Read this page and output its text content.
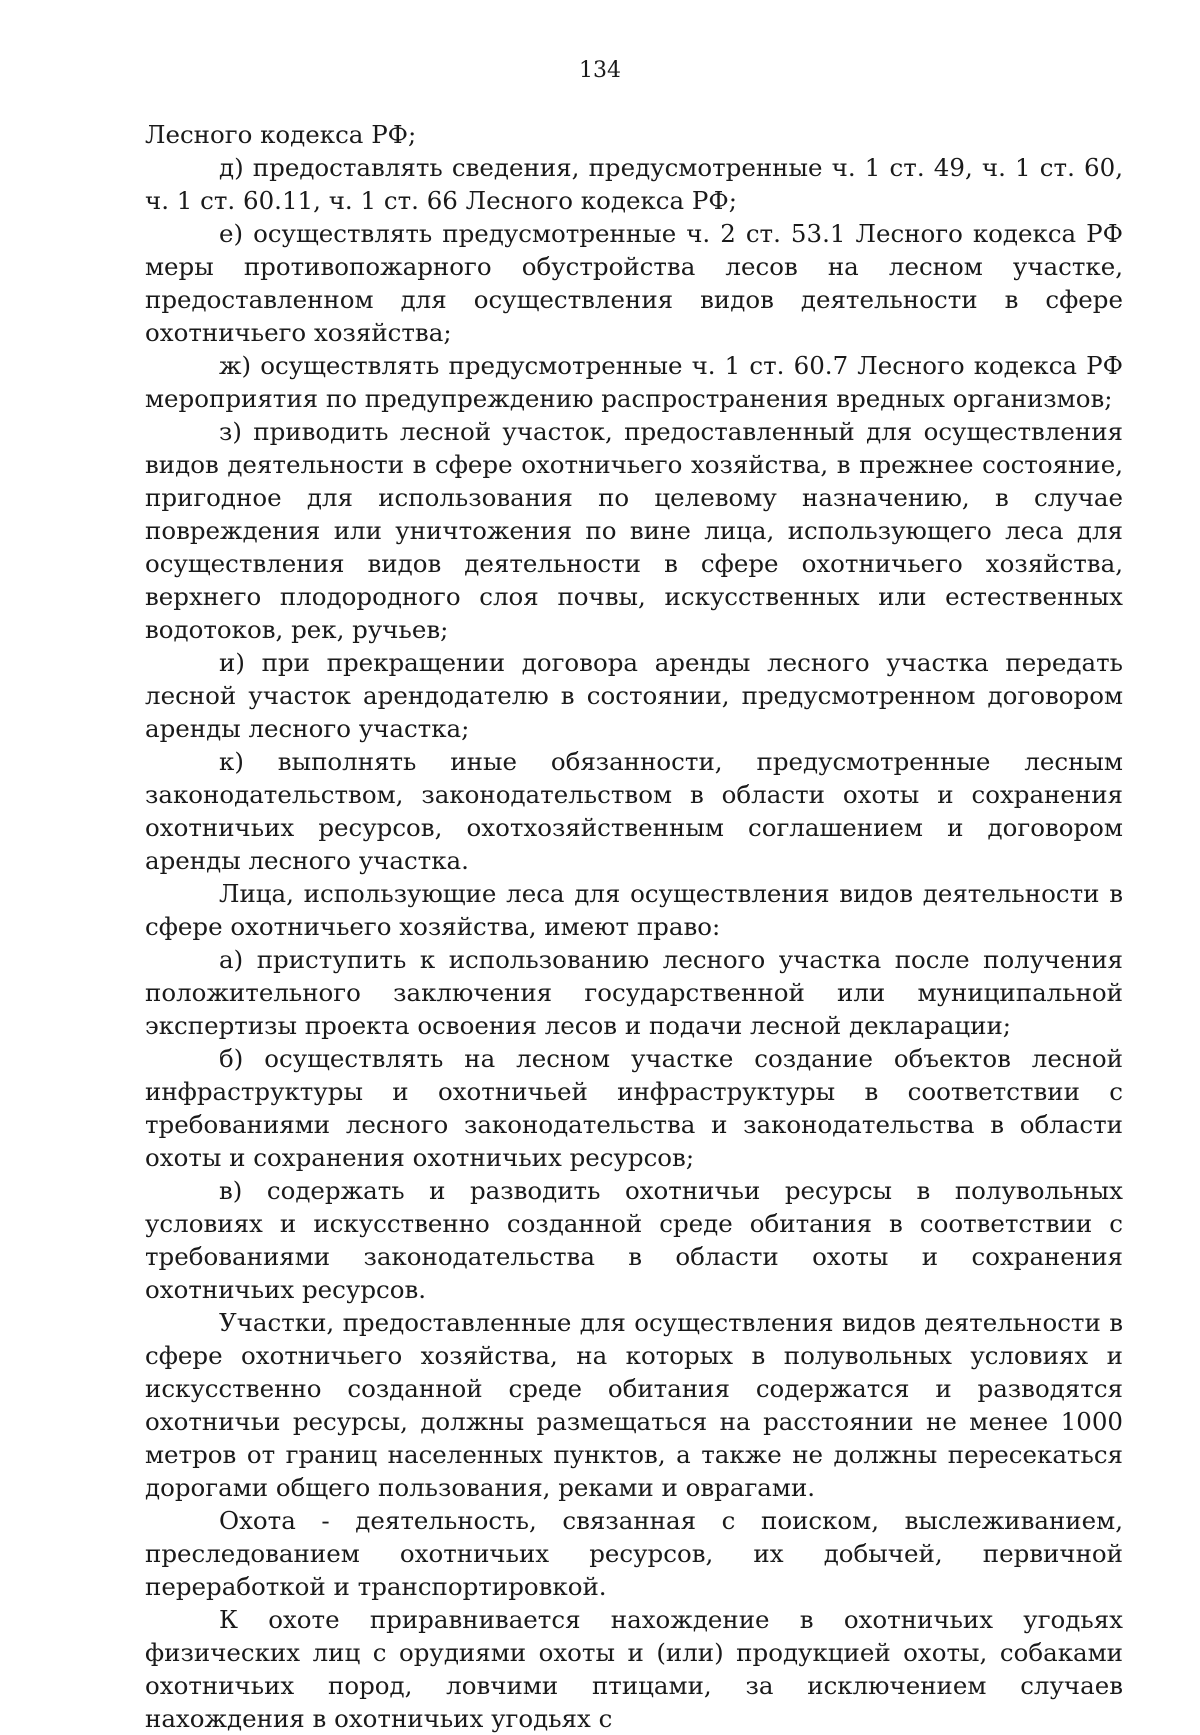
134

Лесного кодекса РФ;

д) предоставлять сведения, предусмотренные ч. 1 ст. 49, ч. 1 ст. 60, ч. 1 ст. 60.11, ч. 1 ст. 66 Лесного кодекса РФ;

е) осуществлять предусмотренные ч. 2 ст. 53.1 Лесного кодекса РФ меры противопожарного обустройства лесов на лесном участке, предоставленном для осуществления видов деятельности в сфере охотничьего хозяйства;

ж) осуществлять предусмотренные ч. 1 ст. 60.7 Лесного кодекса РФ мероприятия по предупреждению распространения вредных организмов;

з) приводить лесной участок, предоставленный для осуществления видов деятельности в сфере охотничьего хозяйства, в прежнее состояние, пригодное для использования по целевому назначению, в случае повреждения или уничтожения по вине лица, использующего леса для осуществления видов деятельности в сфере охотничьего хозяйства, верхнего плодородного слоя почвы, искусственных или естественных водотоков, рек, ручьев;

и) при прекращении договора аренды лесного участка передать лесной участок арендодателю в состоянии, предусмотренном договором аренды лесного участка;

к) выполнять иные обязанности, предусмотренные лесным законодательством, законодательством в области охоты и сохранения охотничьих ресурсов, охотхозяйственным соглашением и договором аренды лесного участка.

Лица, использующие леса для осуществления видов деятельности в сфере охотничьего хозяйства, имеют право:

а) приступить к использованию лесного участка после получения положительного заключения государственной или муниципальной экспертизы проекта освоения лесов и подачи лесной декларации;

б) осуществлять на лесном участке создание объектов лесной инфраструктуры и охотничьей инфраструктуры в соответствии с требованиями лесного законодательства и законодательства в области охоты и сохранения охотничьих ресурсов;

в) содержать и разводить охотничьи ресурсы в полувольных условиях и искусственно созданной среде обитания в соответствии с требованиями законодательства в области охоты и сохранения охотничьих ресурсов.

Участки, предоставленные для осуществления видов деятельности в сфере охотничьего хозяйства, на которых в полувольных условиях и искусственно созданной среде обитания содержатся и разводятся охотничьи ресурсы, должны размещаться на расстоянии не менее 1000 метров от границ населенных пунктов, а также не должны пересекаться дорогами общего пользования, реками и оврагами.

Охота - деятельность, связанная с поиском, выслеживанием, преследованием охотничьих ресурсов, их добычей, первичной переработкой и транспортировкой.

К охоте приравнивается нахождение в охотничьих угодьях физических лиц с орудиями охоты и (или) продукцией охоты, собаками охотничьих пород, ловчими птицами, за исключением случаев нахождения в охотничьих угодьях с
